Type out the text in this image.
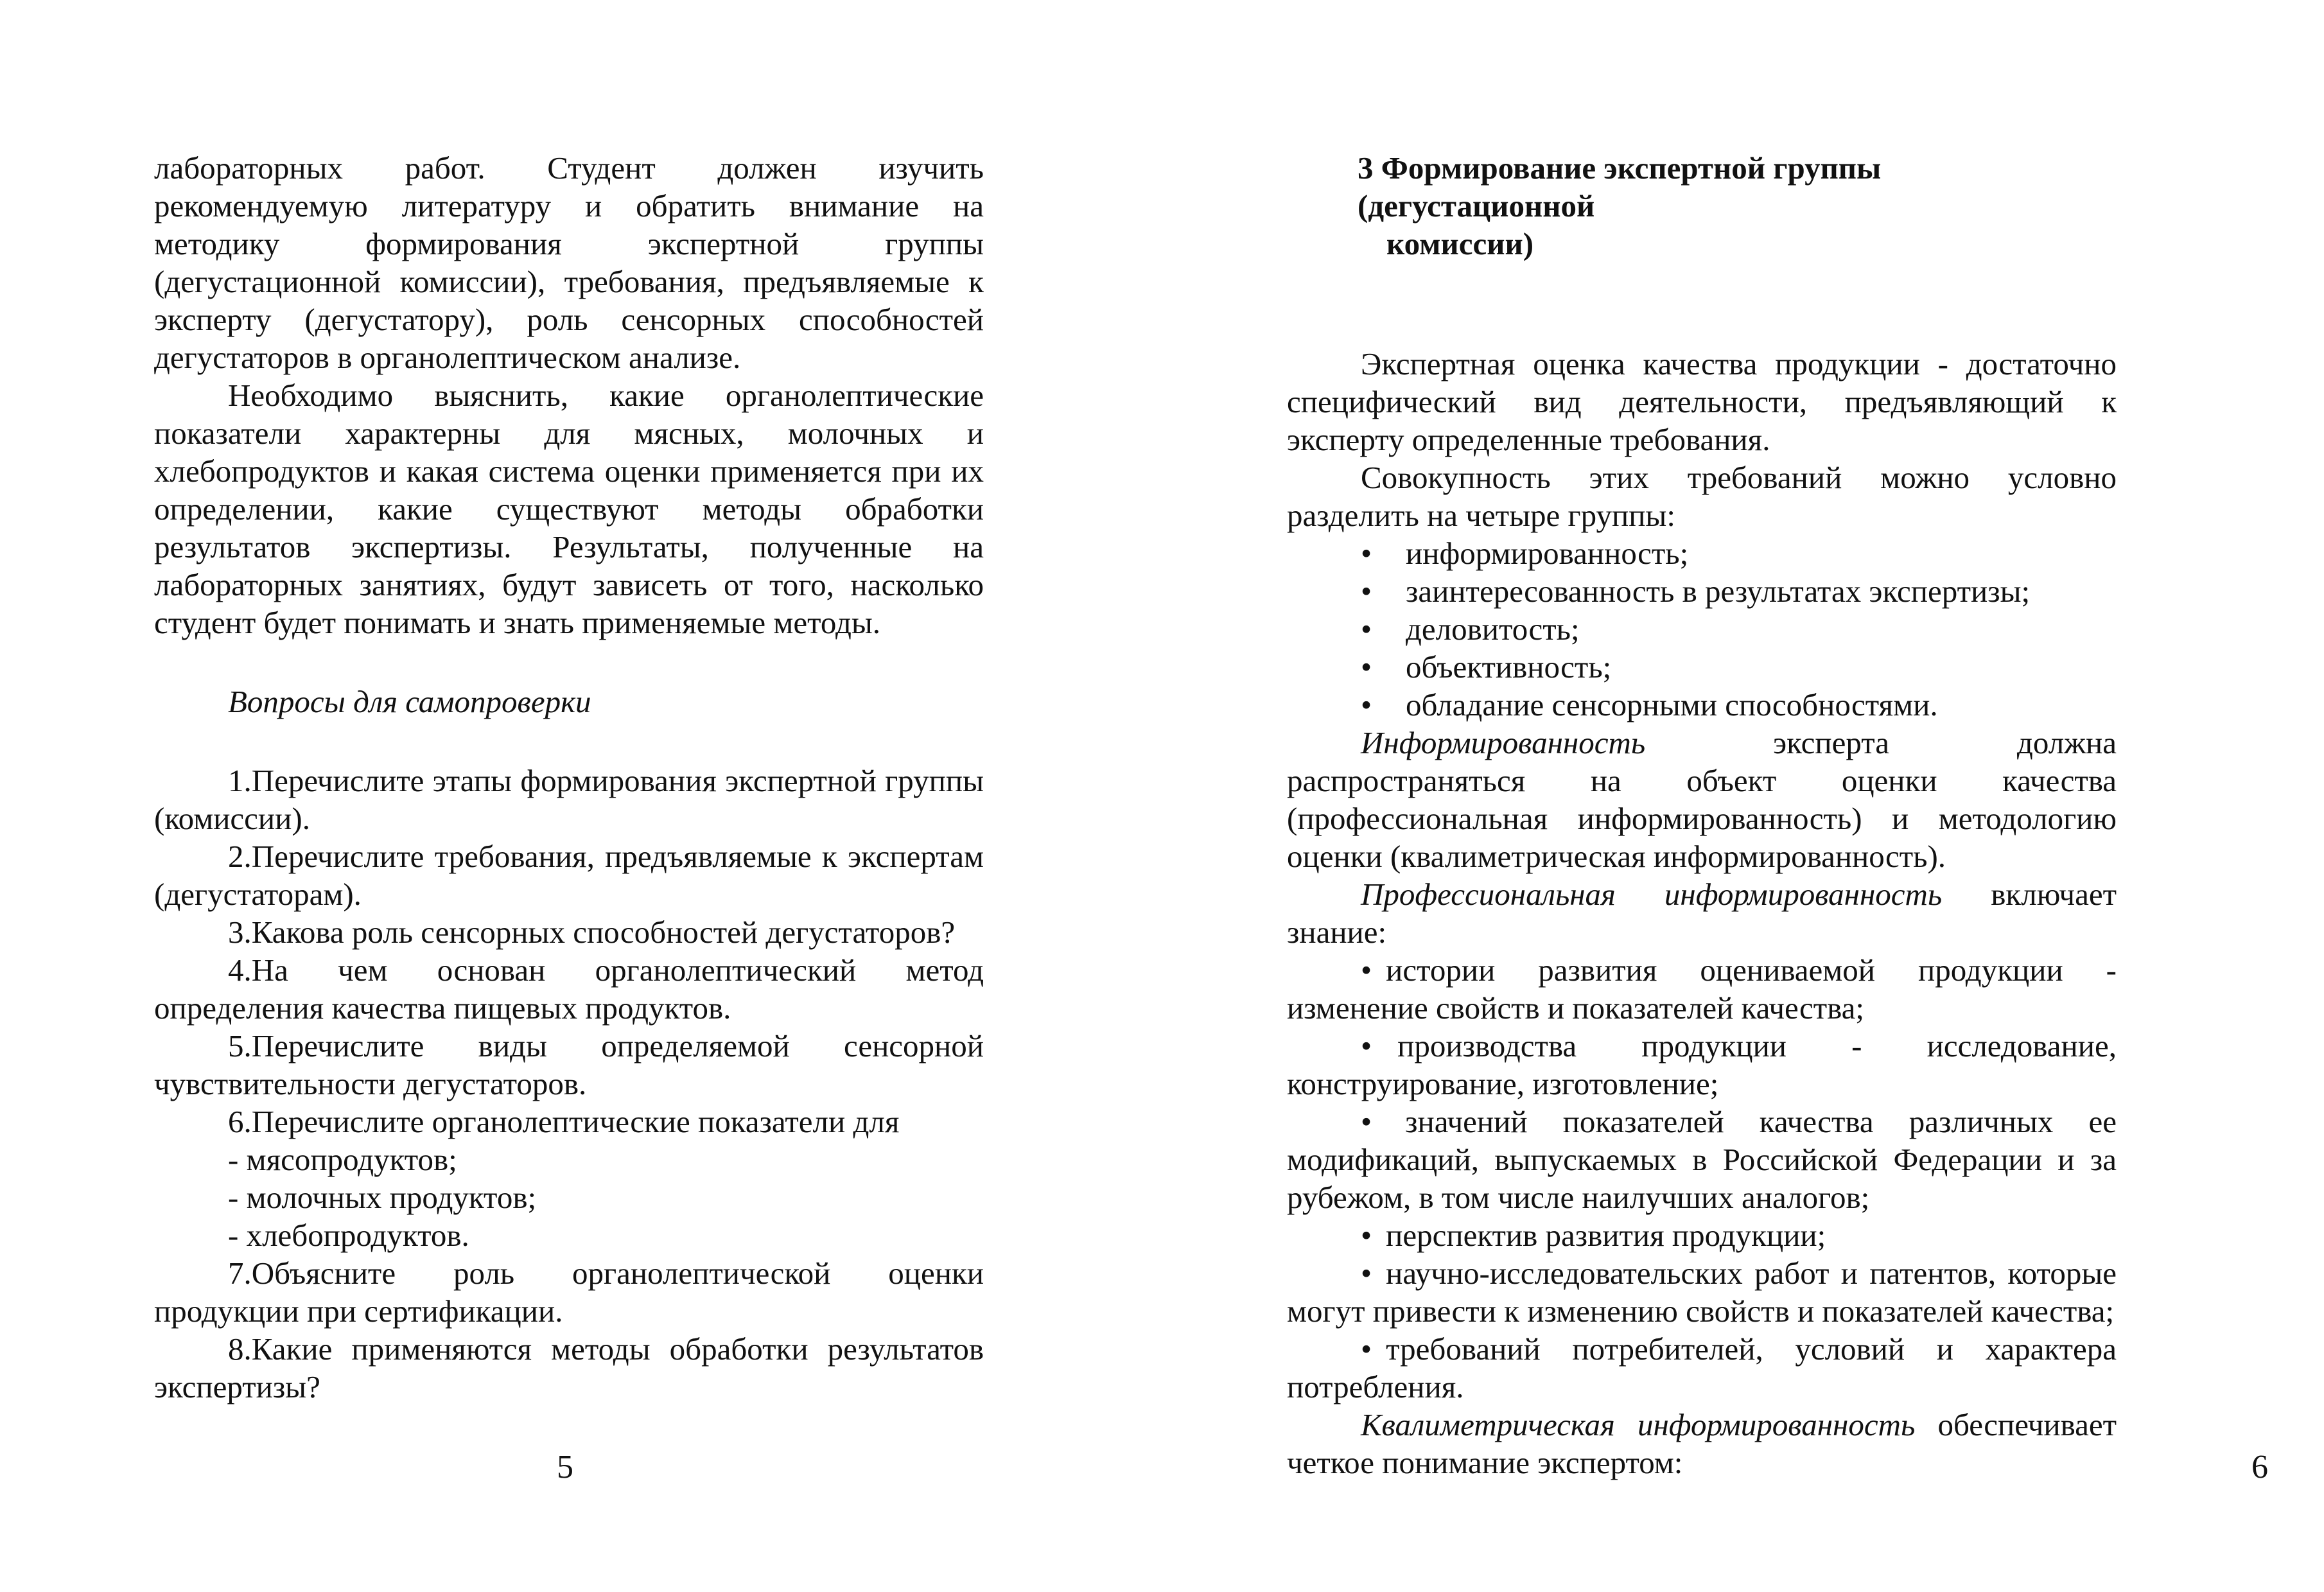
лабораторных работ. Студент должен изучить рекомендуемую литературу и обратить внимание на методику формирования экспертной группы (дегустационной комиссии), требования, предъявляемые к эксперту (дегустатору), роль сенсорных способностей дегустаторов в органолептическом анализе.

Необходимо выяснить, какие органолептические показатели характерны для мясных, молочных и хлебопродуктов и какая система оценки применяется при их определении, какие существуют методы обработки результатов экспертизы. Результаты, полученные на лабораторных занятиях, будут зависеть от того, насколько студент будет понимать и знать применяемые методы.

Вопросы для самопроверки

1.Перечислите этапы формирования экспертной группы (комиссии).

2.Перечислите требования, предъявляемые к экспертам (дегустаторам).

3.Какова роль сенсорных способностей дегустаторов?

4.На чем основан органолептический метод определения качества пищевых продуктов.

5.Перечислите виды определяемой сенсорной чувствительности дегустаторов.

6.Перечислите органолептические показатели для

- мясопродуктов;

- молочных продуктов;

- хлебопродуктов.

7.Объясните роль органолептической оценки продукции при сертификации.

8.Какие применяются методы обработки результатов экспертизы?

5
3 Формирование экспертной группы (дегустационной
комиссии)

Экспертная оценка качества продукции - достаточно специфический вид деятельности, предъявляющий к эксперту определенные требования.

Совокупность этих требований можно условно разделить на четыре группы:

• информированность;
• заинтересованность в результатах экспертизы;
• деловитость;
• объективность;
• обладание сенсорными способностями.

Информированность эксперта должна распространяться на объект оценки качества (профессиональная информированность) и методологию оценки (квалиметрическая информированность).

Профессиональная информированность включает знание:

• истории развития оцениваемой продукции - изменение свойств и показателей качества;

• производства продукции - исследование, конструирование, изготовление;

• значений показателей качества различных ее модификаций, выпускаемых в Российской Федерации и за рубежом, в том числе наилучших аналогов;

• перспектив развития продукции;

• научно-исследовательских работ и патентов, которые могут привести к изменению свойств и показателей качества;

• требований потребителей, условий и характера потребления.

Квалиметрическая информированность обеспечивает четкое понимание экспертом:	6
